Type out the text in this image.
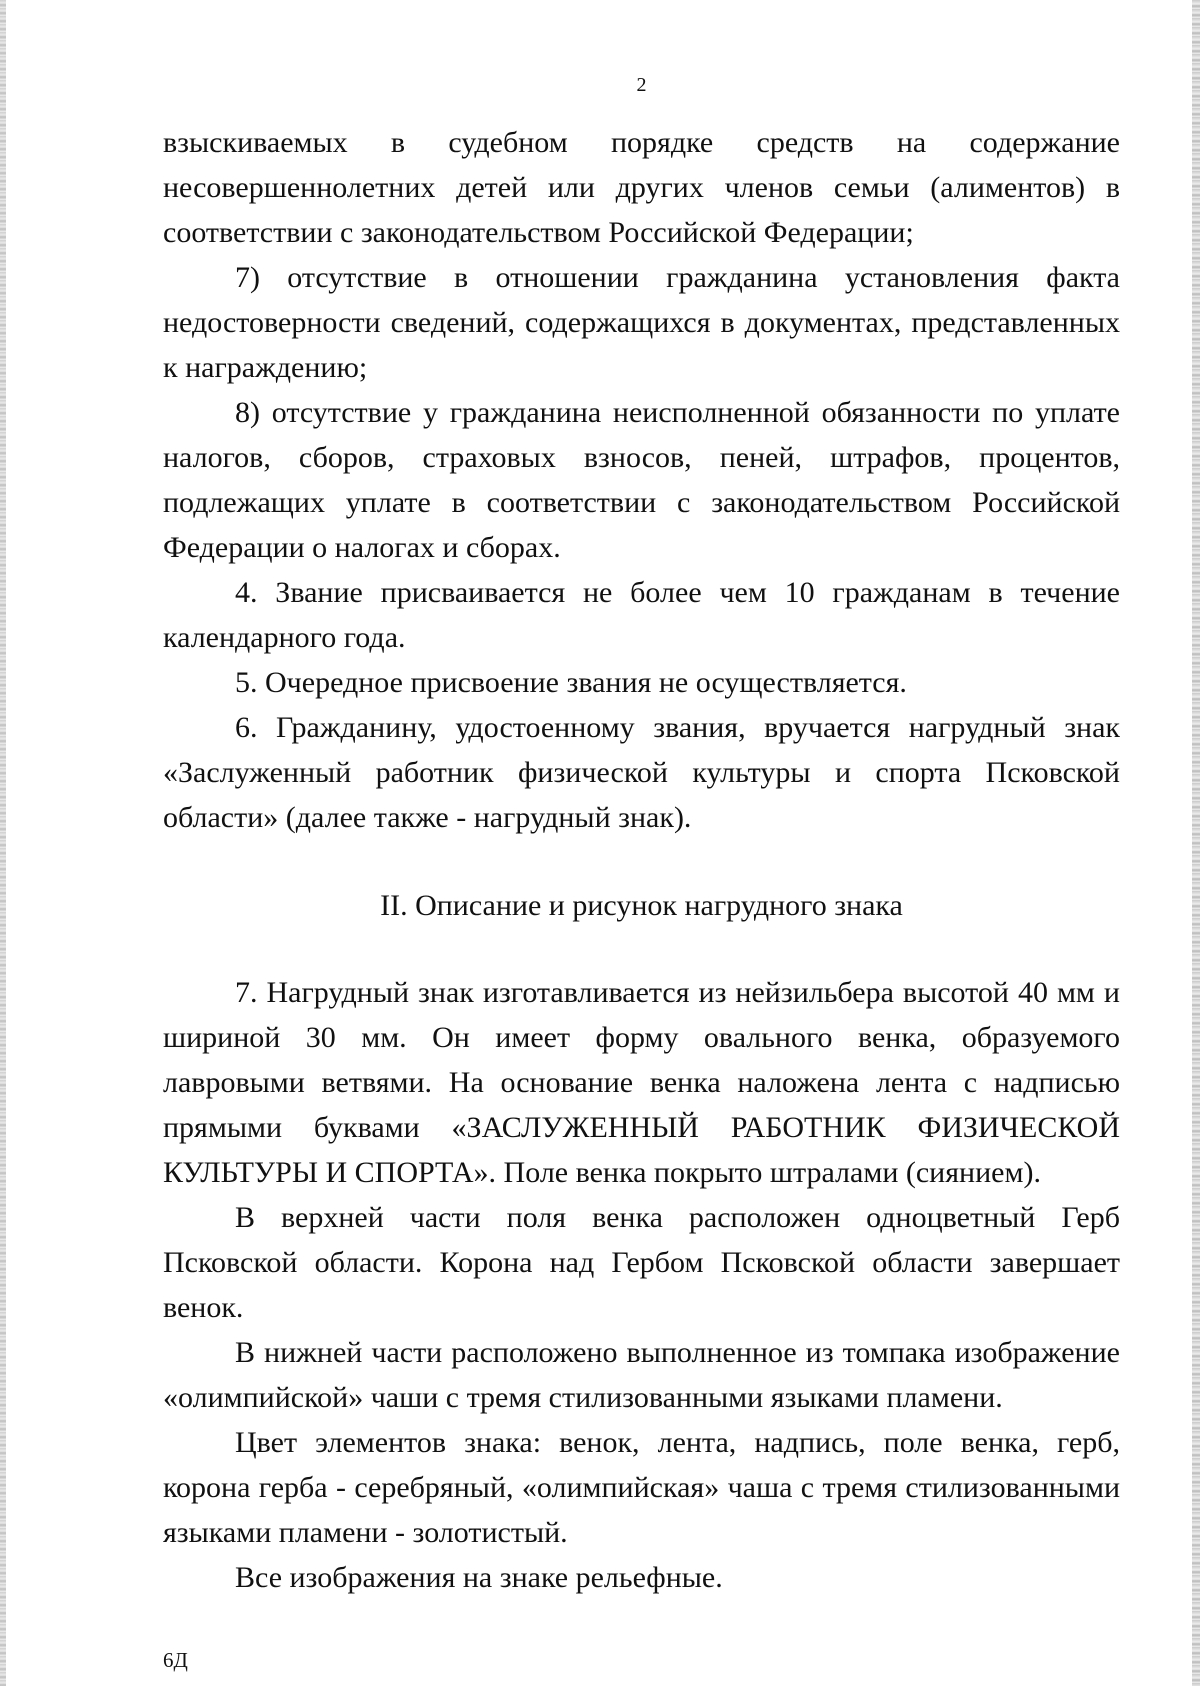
2

взыскиваемых в судебном порядке средств на содержание несовершеннолетних детей или других членов семьи (алиментов) в соответствии с законодательством Российской Федерации;

7) отсутствие в отношении гражданина установления факта недостоверности сведений, содержащихся в документах, представленных к награждению;

8) отсутствие у гражданина неисполненной обязанности по уплате налогов, сборов, страховых взносов, пеней, штрафов, процентов, подлежащих уплате в соответствии с законодательством Российской Федерации о налогах и сборах.

4. Звание присваивается не более чем 10 гражданам в течение календарного года.

5. Очередное присвоение звания не осуществляется.

6. Гражданину, удостоенному звания, вручается нагрудный знак «Заслуженный работник физической культуры и спорта Псковской области» (далее также - нагрудный знак).

II. Описание и рисунок нагрудного знака

7. Нагрудный знак изготавливается из нейзильбера высотой 40 мм и шириной 30 мм. Он имеет форму овального венка, образуемого лавровыми ветвями. На основание венка наложена лента с надписью прямыми буквами «ЗАСЛУЖЕННЫЙ РАБОТНИК ФИЗИЧЕСКОЙ КУЛЬТУРЫ И СПОРТА». Поле венка покрыто штралами (сиянием).

В верхней части поля венка расположен одноцветный Герб Псковской области. Корона над Гербом Псковской области завершает венок.

В нижней части расположено выполненное из томпака изображение «олимпийской» чаши с тремя стилизованными языками пламени.

Цвет элементов знака: венок, лента, надпись, поле венка, герб, корона герба - серебряный, «олимпийская» чаша с тремя стилизованными языками пламени - золотистый.

Все изображения на знаке рельефные.

6Д
